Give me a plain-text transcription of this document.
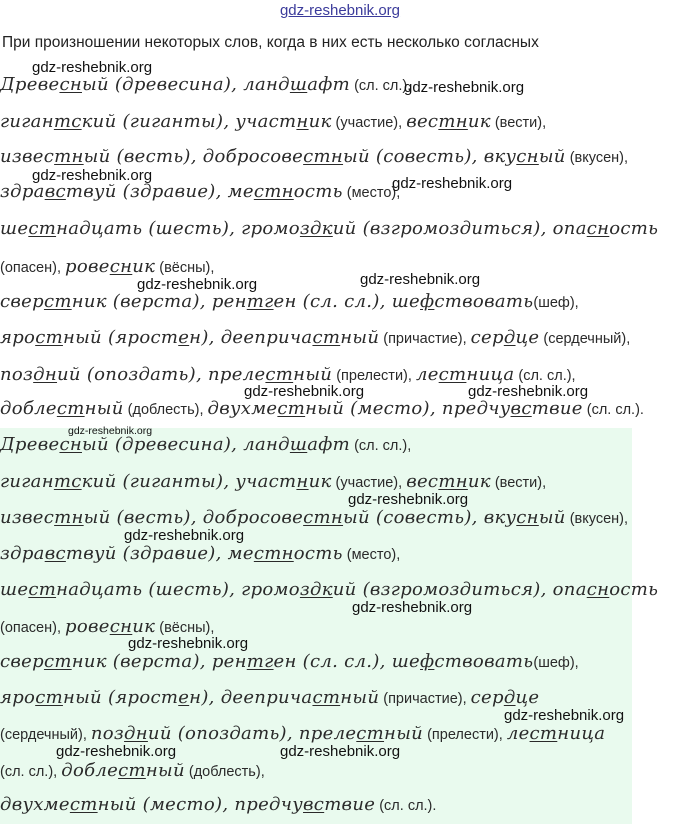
gdz-reshebnik.org
При произношении некоторых слов, когда в них есть несколько согласных
Древесный (древесина), ландшафт (сл. сл.),
гигантский (гиганты), участник (участие), вестник (вести),
известный (весть), добросовестный (совесть), вкусный (вкусен),
здравствуй (здравие), местность (место),
шестнадцать (шесть), громоздкий (взгромоздиться), опасность
(опасен), ровесник (вёсны),
сверстник (верста), рентген (сл. сл.), шефствовать(шеф),
яростный (яростен), деепричастный (причастие), сердце (сердечный),
поздний (опоздать), прелестный (прелести), лестница (сл. сл.),
доблестный (доблесть), двухместный (место), предчувствие (сл. сл.).
Древесный (древесина), ландшафт (сл. сл.),
гигантский (гиганты), участник (участие), вестник (вести),
известный (весть), добросовестный (совесть), вкусный (вкусен),
здравствуй (здравие), местность (место),
шестнадцать (шесть), громоздкий (взгромоздиться), опасность
(опасен), ровесник (вёсны),
сверстник (верста), рентген (сл. сл.), шефствовать(шеф),
яростный (яростен), деепричастный (причастие), сердце
(сердечный), поздний (опоздать), прелестный (прелести), лестница
(сл. сл.), доблестный (доблесть),
двухместный (место), предчувствие (сл. сл.).
gdz-reshebnik.org
gdz-reshebnik.org
gdz-reshebnik.org	gdz-reshebnik.org
gdz-reshebnik.org
gdz-reshebnik.org
gdz-reshebnik.org	gdz-reshebnik.org
gdz-reshebnik.org
gdz-reshebnik.org
gdz-reshebnik.org
gdz-reshebnik.org
gdz-reshebnik.org
gdz-reshebnik.org
gdz-reshebnik.org	gdz-reshebnik.org
